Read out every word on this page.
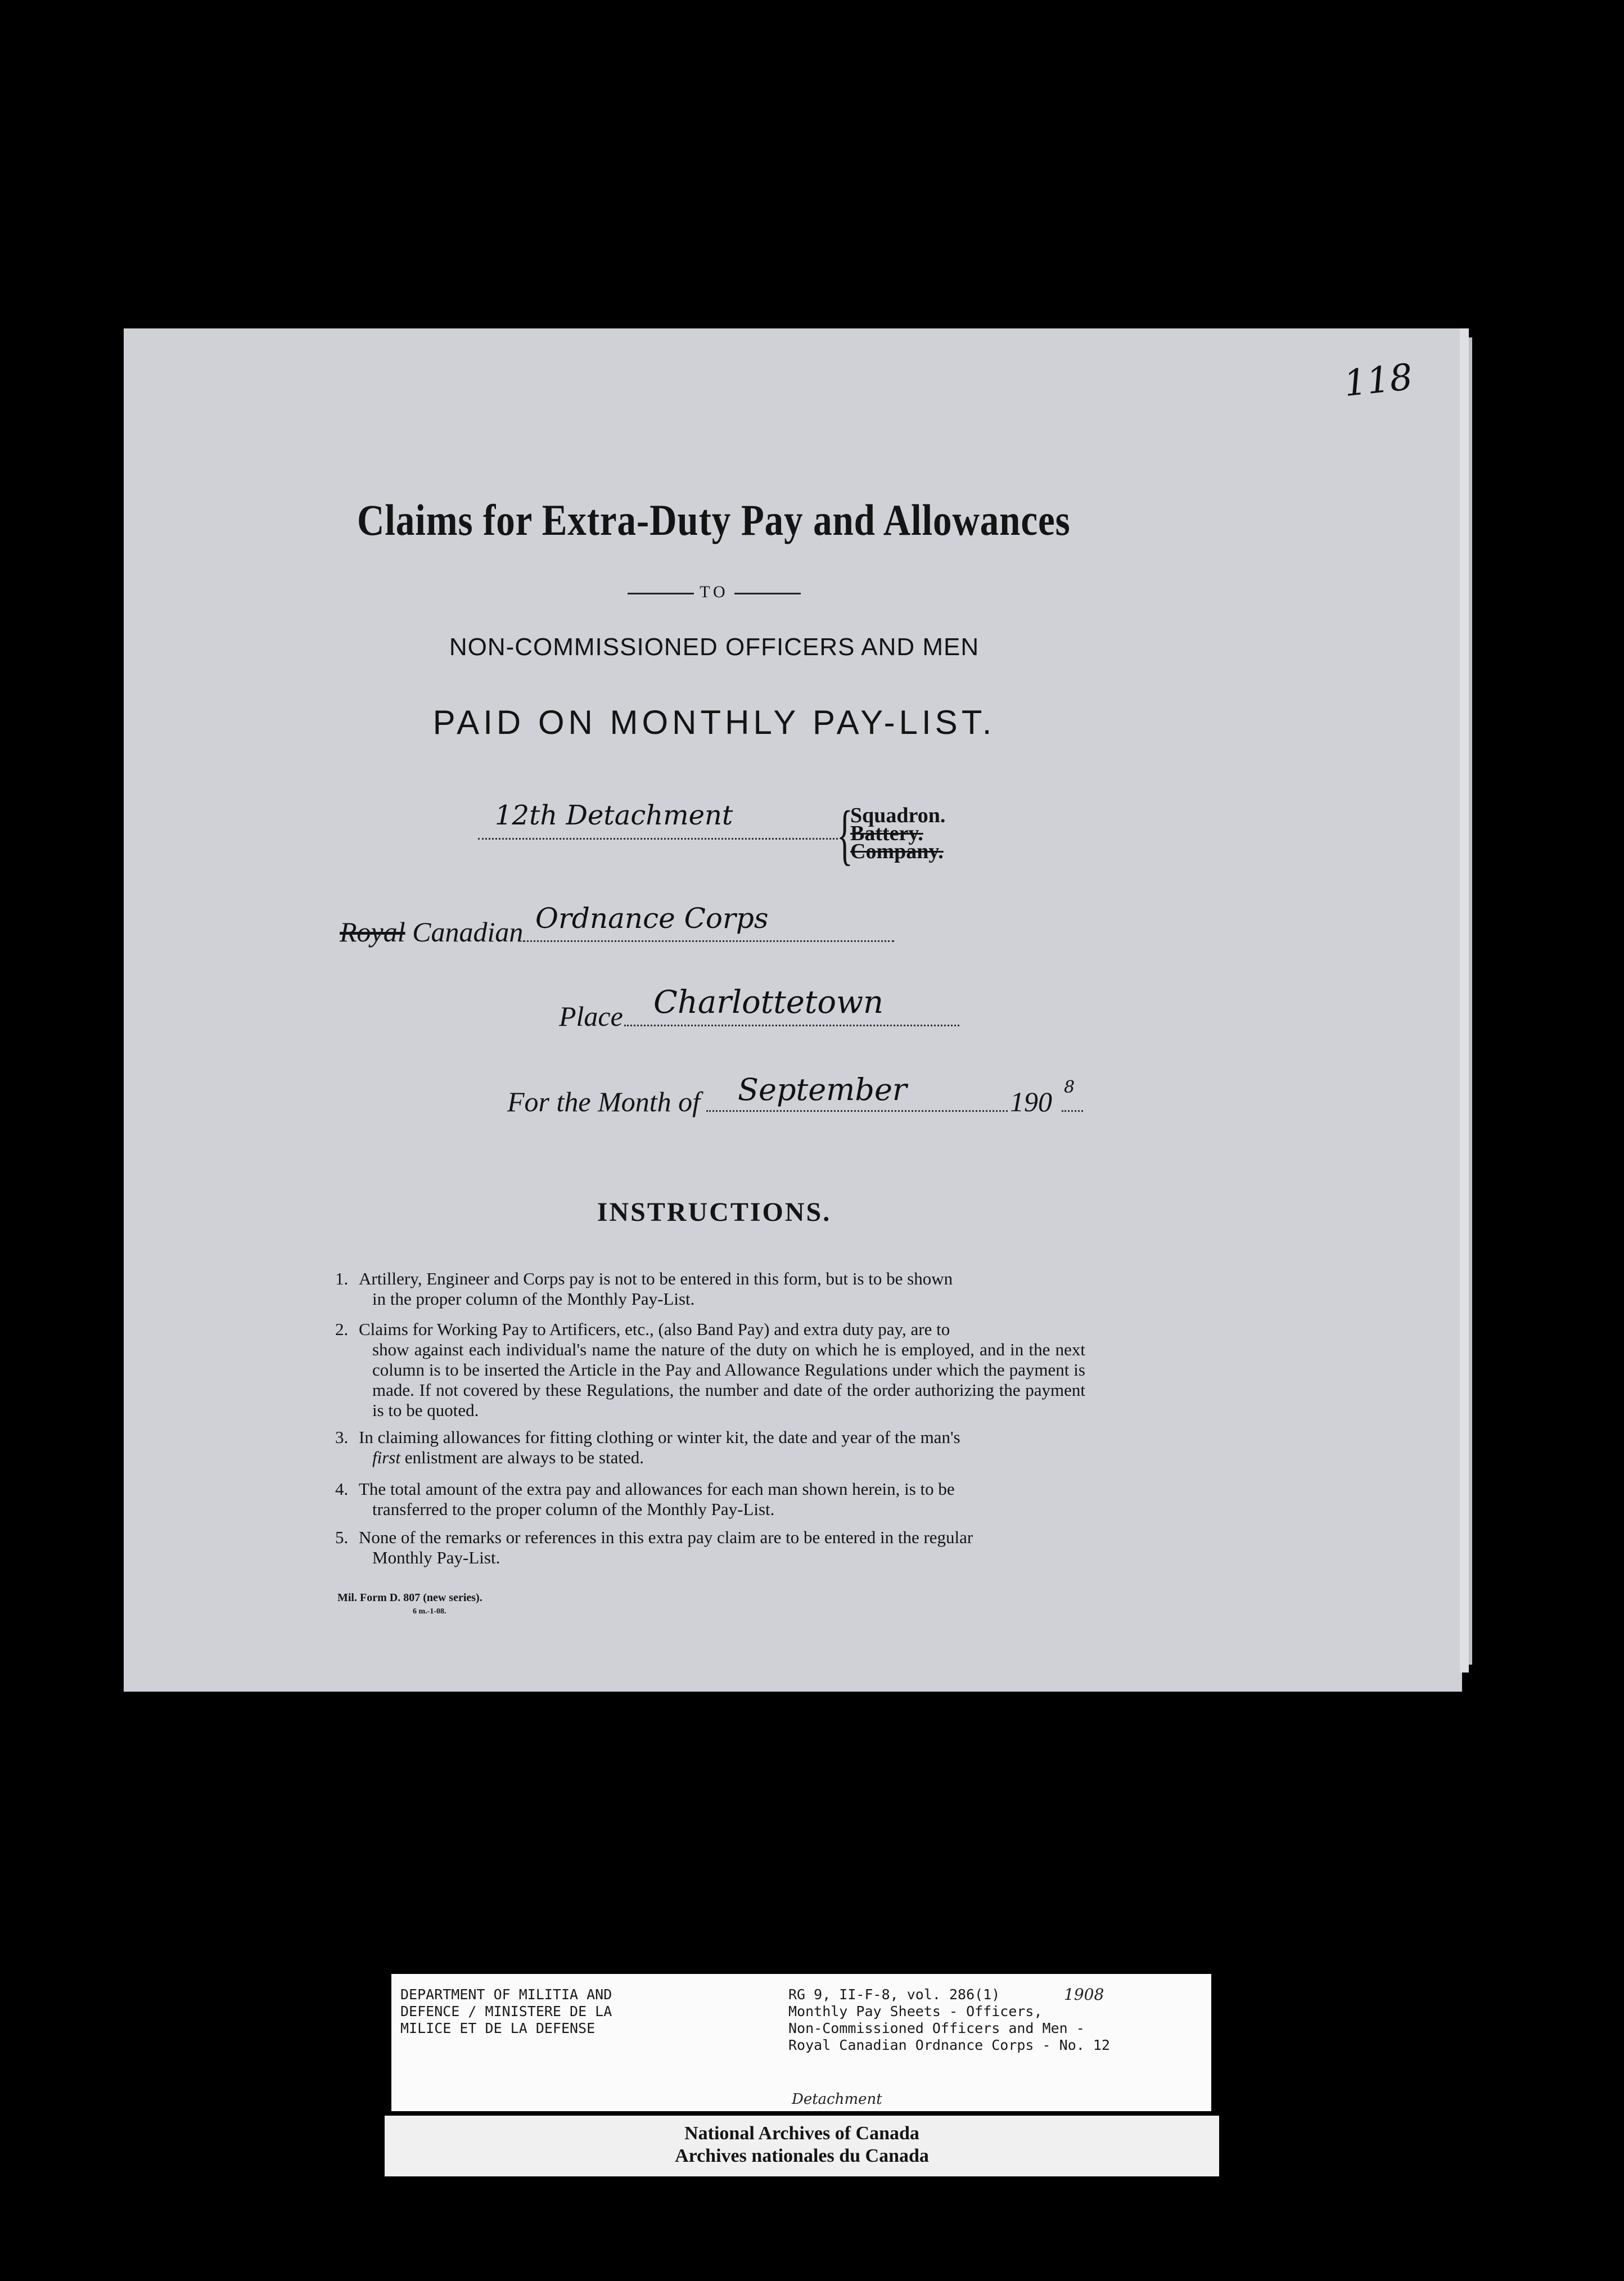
118
Claims for Extra-Duty Pay and Allowances
TO
NON-COMMISSIONED OFFICERS AND MEN
PAID ON MONTHLY PAY-LIST.
12th Detachment {
Squadron.
Battery.
Company.
Royal Canadian Ordnance Corps
Place Charlottetown
For the Month of September	190 8
INSTRUCTIONS.
1. Artillery, Engineer and Corps pay is not to be entered in this form, but is to be shown
in the proper column of the Monthly Pay-List.
2. Claims for Working Pay to Artificers, etc., (also Band Pay) and extra duty pay, are to
show against each individual's name the nature of the duty on which he is employed, and in the next column is to be inserted the Article in the Pay and Allowance Regulations under which the payment is made. If not covered by these Regulations, the number and date of the order authorizing the payment is to be quoted.
3. In claiming allowances for fitting clothing or winter kit, the date and year of the man's
first enlistment are always to be stated.
4. The total amount of the extra pay and allowances for each man shown herein, is to be
transferred to the proper column of the Monthly Pay-List.
5. None of the remarks or references in this extra pay claim are to be entered in the regular
Monthly Pay-List.
Mil. Form D. 807 (new series).
6 m.-1-08.
DEPARTMENT OF MILITIA AND
DEFENCE / MINISTERE DE LA
MILICE ET DE LA DEFENSE
RG 9, II-F-8, vol. 286(1)
Monthly Pay Sheets - Officers,
Non-Commissioned Officers and Men -
Royal Canadian Ordnance Corps - No. 12
1908
Detachment
National Archives of Canada
Archives nationales du Canada
